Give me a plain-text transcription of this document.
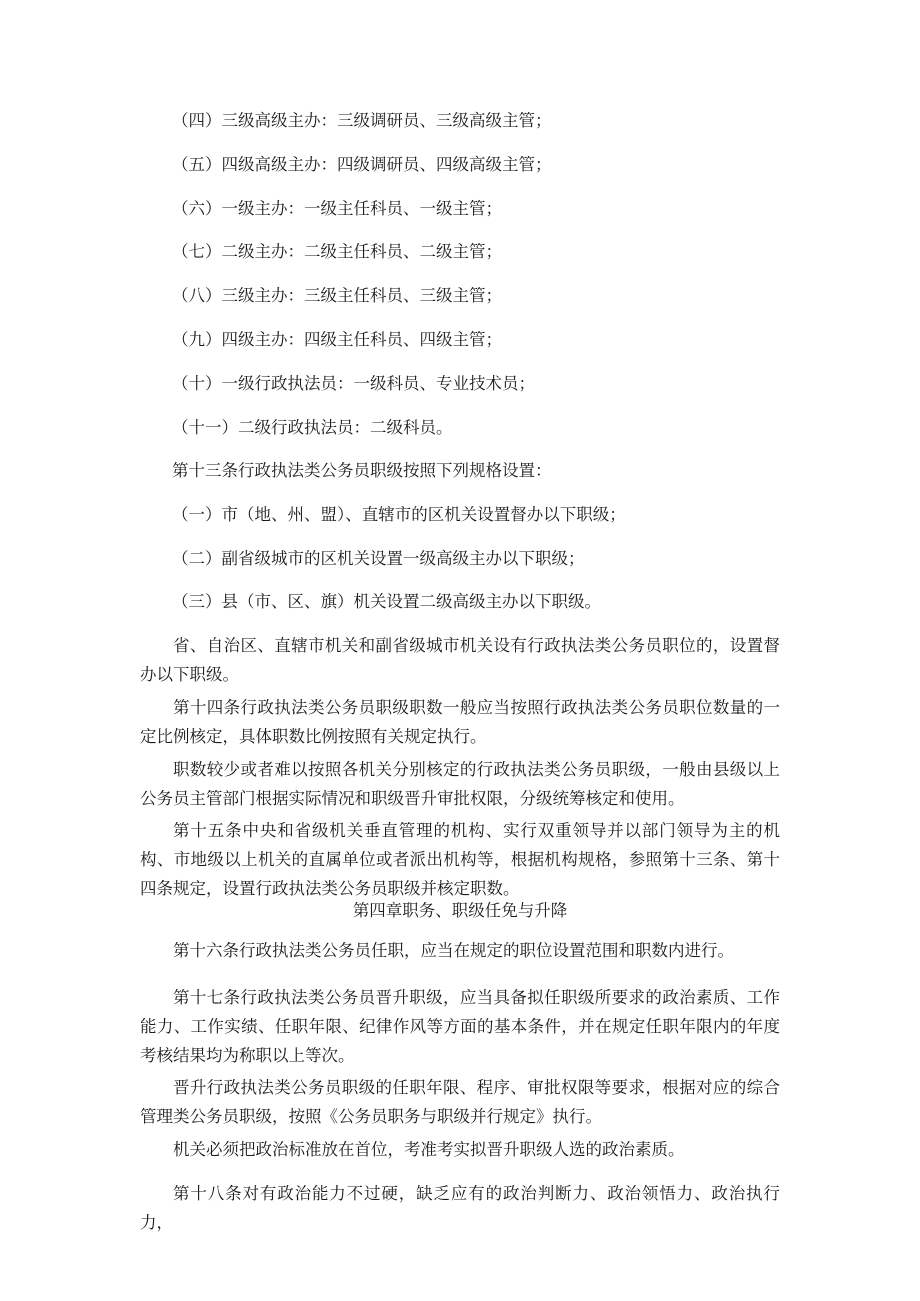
（四）三级高级主办：三级调研员、三级高级主管；
（五）四级高级主办：四级调研员、四级高级主管；
（六）一级主办：一级主任科员、一级主管；
（七）二级主办：二级主任科员、二级主管；
（八）三级主办：三级主任科员、三级主管；
（九）四级主办：四级主任科员、四级主管；
（十）一级行政执法员：一级科员、专业技术员；
（十一）二级行政执法员：二级科员。
第十三条行政执法类公务员职级按照下列规格设置：
（一）市（地、州、盟）、直辖市的区机关设置督办以下职级；
（二）副省级城市的区机关设置一级高级主办以下职级；
（三）县（市、区、旗）机关设置二级高级主办以下职级。
省、自治区、直辖市机关和副省级城市机关设有行政执法类公务员职位的，设置督办以下职级。
第十四条行政执法类公务员职级职数一般应当按照行政执法类公务员职位数量的一定比例核定，具体职数比例按照有关规定执行。
职数较少或者难以按照各机关分别核定的行政执法类公务员职级，一般由县级以上公务员主管部门根据实际情况和职级晋升审批权限，分级统筹核定和使用。
第十五条中央和省级机关垂直管理的机构、实行双重领导并以部门领导为主的机构、市地级以上机关的直属单位或者派出机构等，根据机构规格，参照第十三条、第十四条规定，设置行政执法类公务员职级并核定职数。
第四章职务、职级任免与升降
第十六条行政执法类公务员任职，应当在规定的职位设置范围和职数内进行。
第十七条行政执法类公务员晋升职级，应当具备拟任职级所要求的政治素质、工作能力、工作实绩、任职年限、纪律作风等方面的基本条件，并在规定任职年限内的年度考核结果均为称职以上等次。
晋升行政执法类公务员职级的任职年限、程序、审批权限等要求，根据对应的综合管理类公务员职级，按照《公务员职务与职级并行规定》执行。
机关必须把政治标准放在首位，考准考实拟晋升职级人选的政治素质。
第十八条对有政治能力不过硬，缺乏应有的政治判断力、政治领悟力、政治执行力，
